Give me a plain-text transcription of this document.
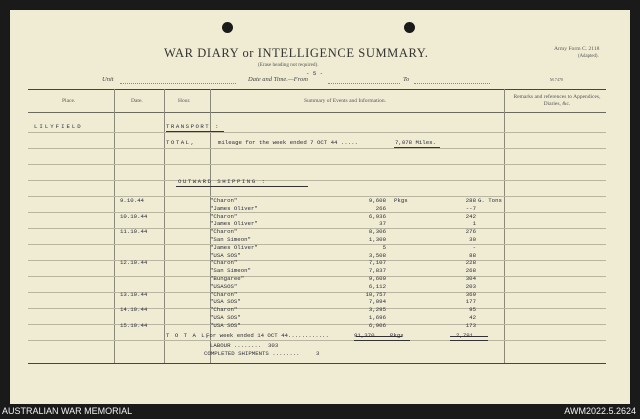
WAR DIARY or INTELLIGENCE SUMMARY.
(Erase heading not required).
Army Form C. 2118
(Adapted).
- 5 -
Unit	Date and Time.—From	To	M.7470
Place.	Date.	Hour.	Summary of Events and Information.
Remarks and references to Appendices, Diaries, &c.
LILYFIELD	TRANSPORT :
TOTAL,	mileage for the week ended 7 OCT 44 .....	7,078 Miles.
OUTWARD SHIPPING :
9.10.44	"Charon"	9,608 Pkgs	288 G. Tons
"James Oliver"	266	--7
10.10.44	"Charon"	6,936	242
"James Oliver"	37	1
11.10.44	"Charon"	8,306	276
"San Simeon"	1,300	30
"James Oliver"	5	-
"USA SOS"	3,508	88
12.10.44	"Charon"	7,107	228
"San Simeon"	7,837	268
"Bungaree"	9,600	304
"USASOS"	6,112	203
13.10.44	"Charon"	10,757	369
"USA SOS"	7,094	177
14.10.44	"Charon"	3,295	95
"USA SOS"	1,696	42
15.10.44	"USA SOS"	6,906	173
T O T A L,
For week ended 14 OCT 44............	91,370	Pkgs	2,791
LABOUR ........ 303
COMPLETED SHIPMENTS ........	3
AUSTRALIAN WAR MEMORIAL	AWM2022.5.2624
